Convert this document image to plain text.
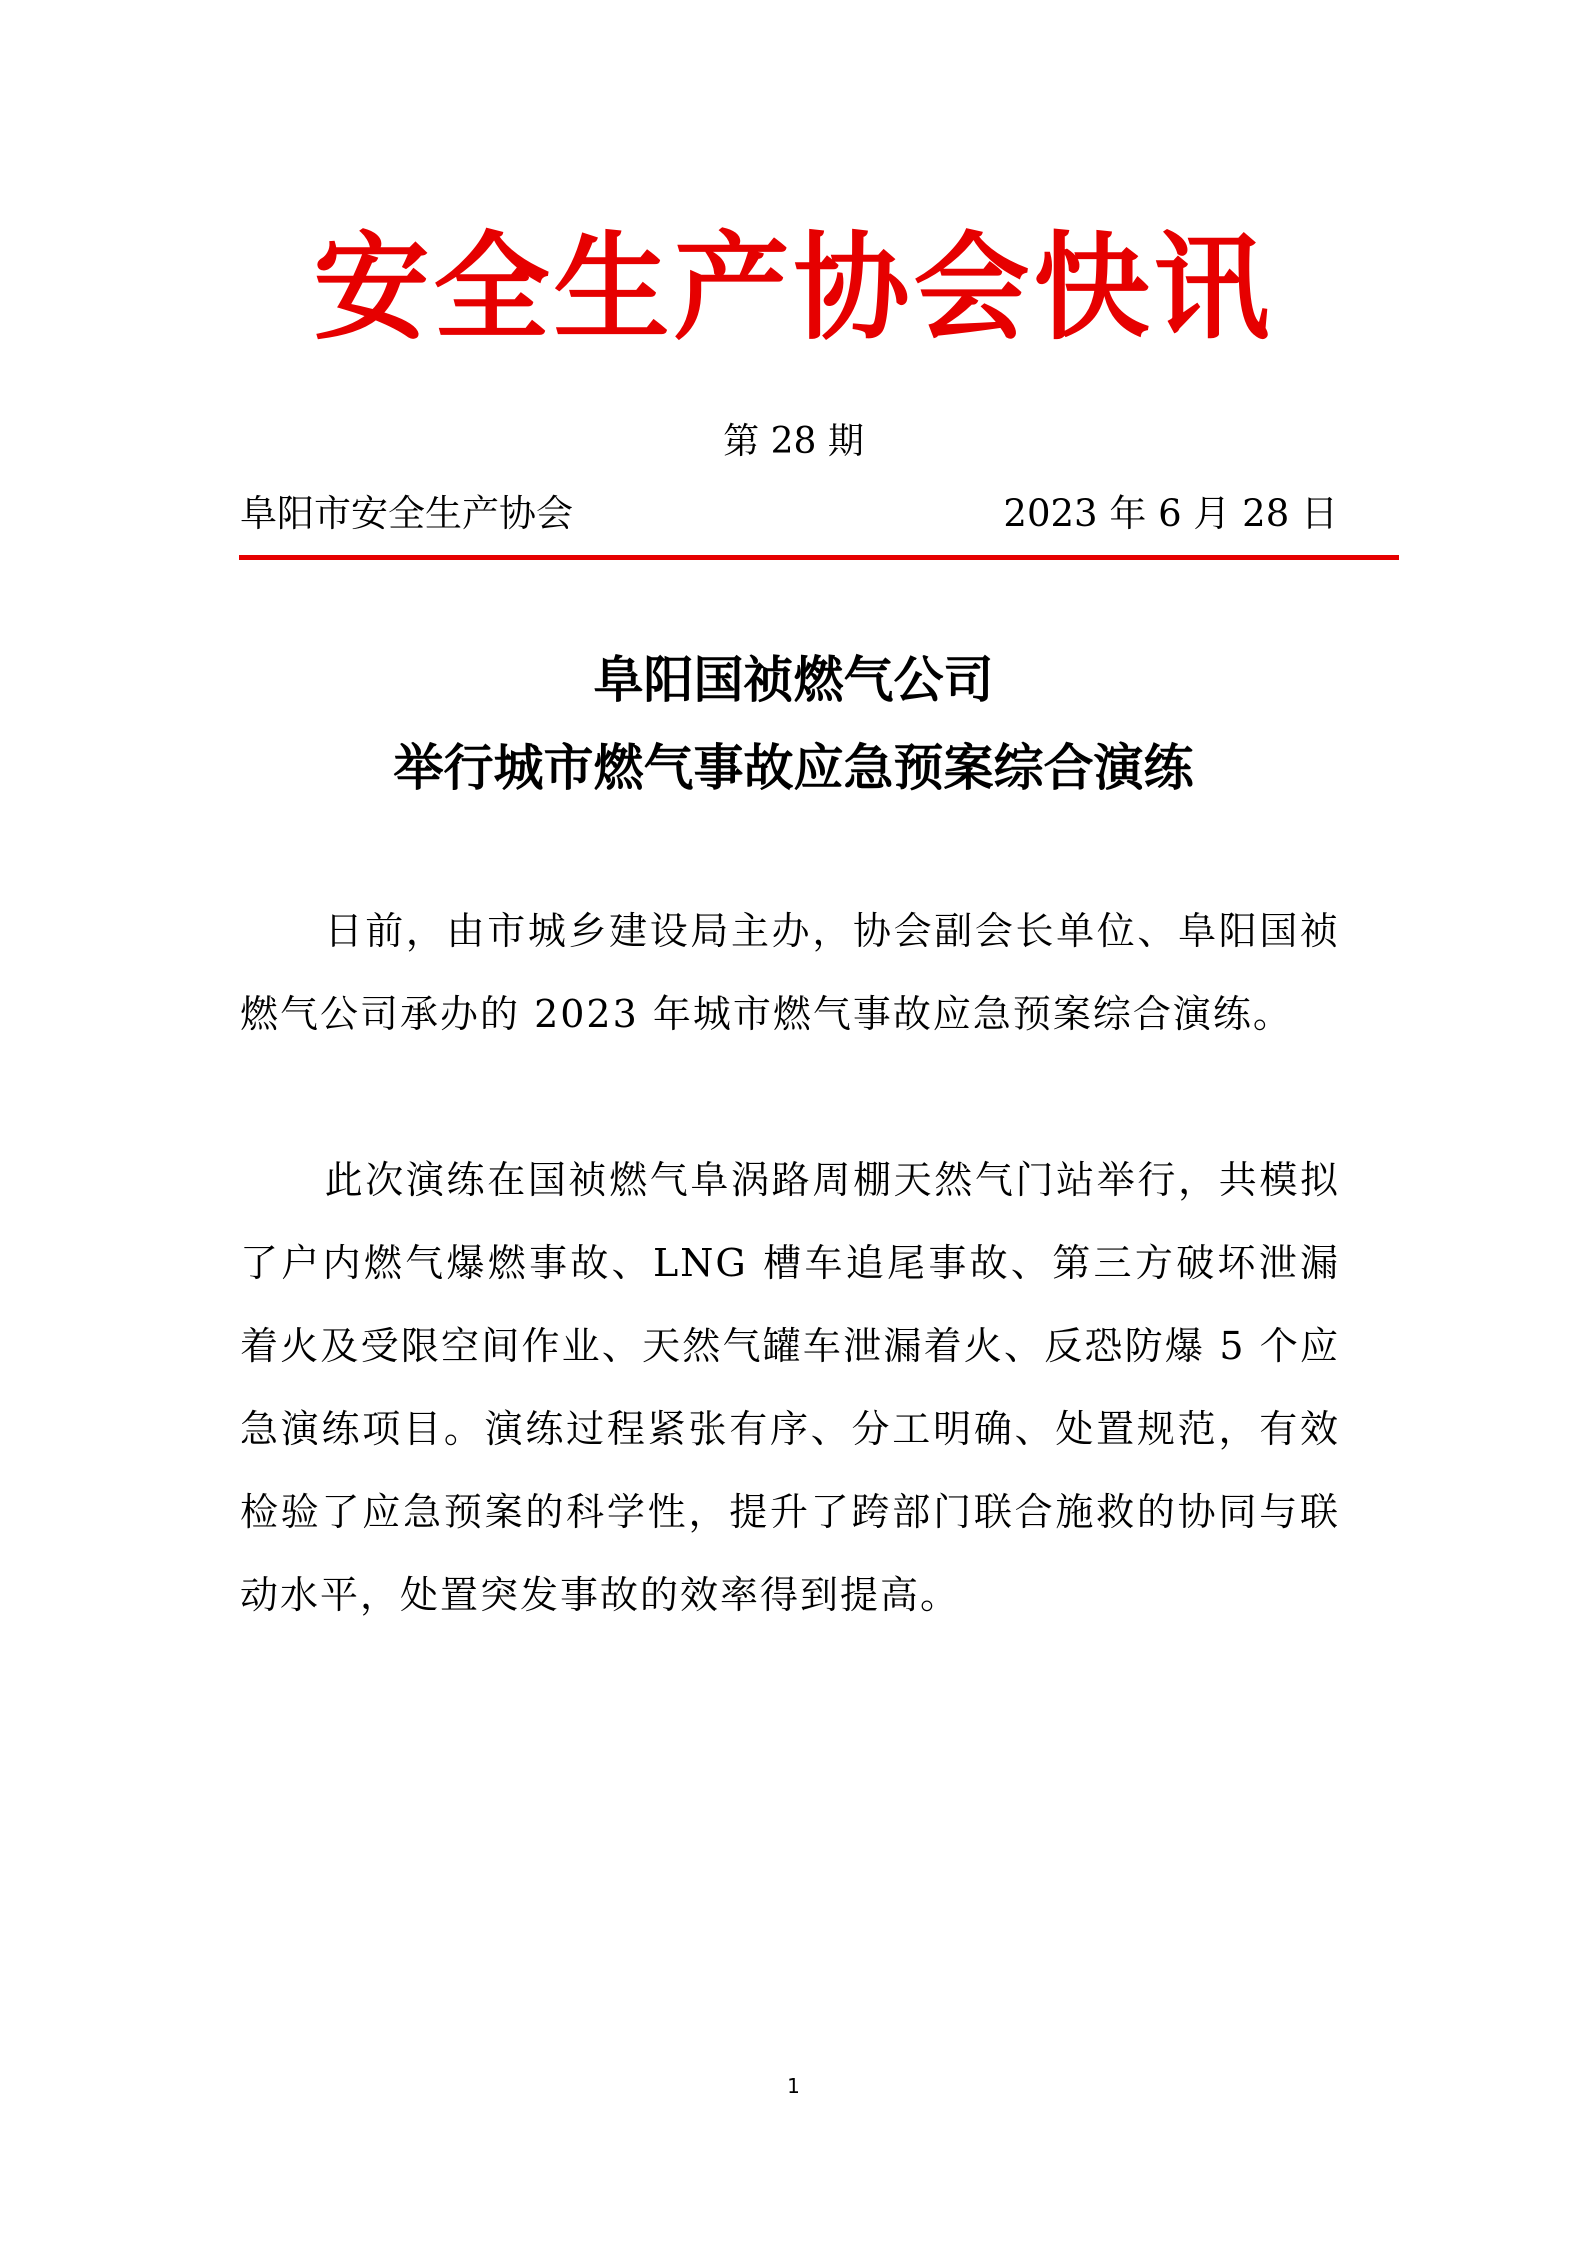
安全生产协会快讯
第 28 期
阜阳市安全生产协会	2023 年 6 月 28 日
阜阳国祯燃气公司
举行城市燃气事故应急预案综合演练

日前，由市城乡建设局主办，协会副会长单位、阜阳国祯燃气公司承办的 2023 年城市燃气事故应急预案综合演练。

此次演练在国祯燃气阜涡路周棚天然气门站举行，共模拟了户内燃气爆燃事故、LNG 槽车追尾事故、第三方破坏泄漏着火及受限空间作业、天然气罐车泄漏着火、反恐防爆 5 个应急演练项目。演练过程紧张有序、分工明确、处置规范，有效检验了应急预案的科学性，提升了跨部门联合施救的协同与联动水平，处置突发事故的效率得到提高。

1
